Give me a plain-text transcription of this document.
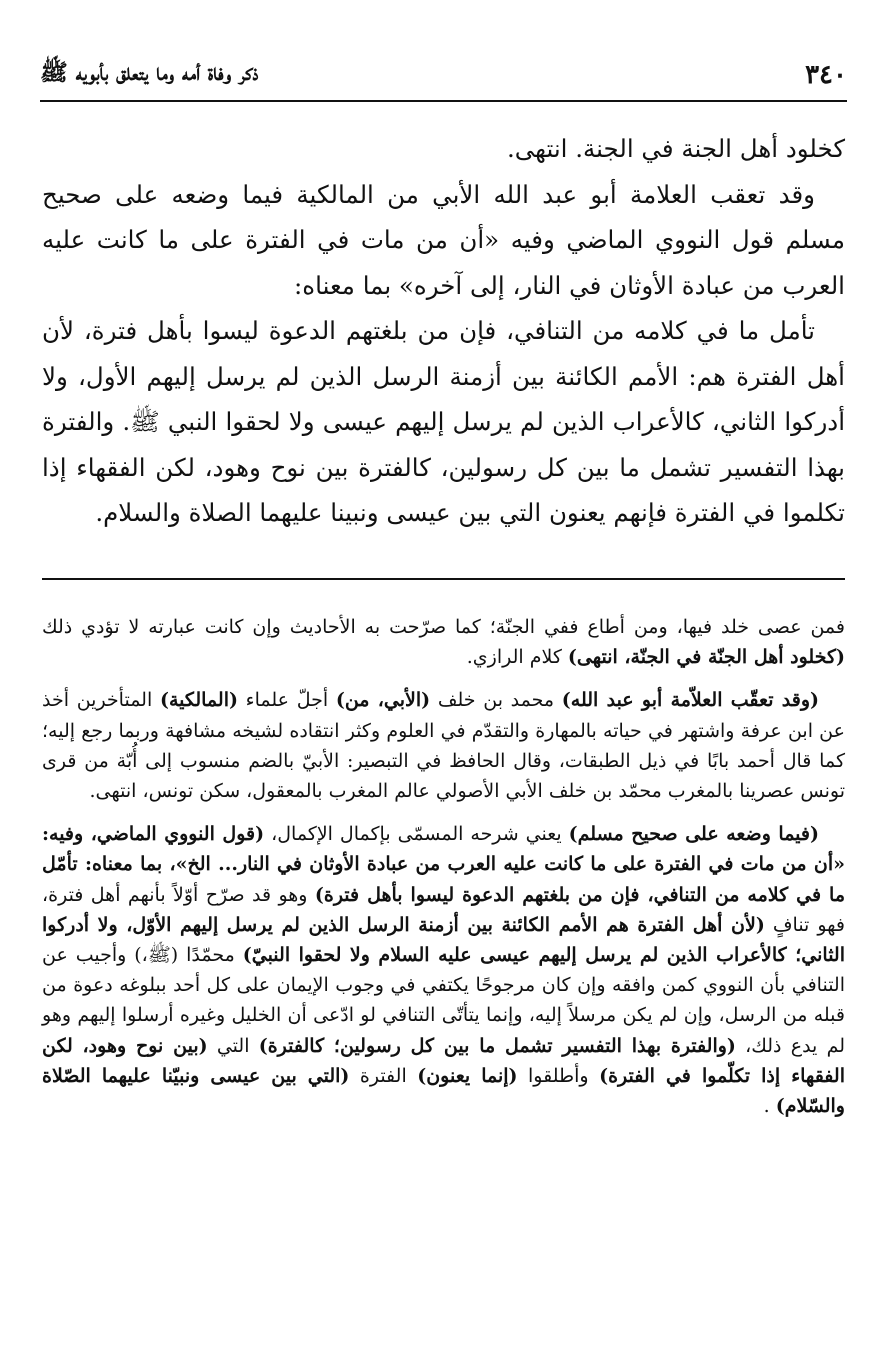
٣٤٠
ذكر وفاة أمه وما يتعلق بأبويه ﷺ

كخلود أهل الجنة في الجنة. انتهى.

وقد تعقب العلامة أبو عبد الله الأبي من المالكية فيما وضعه على صحيح مسلم قول النووي الماضي وفيه «أن من مات في الفترة على ما كانت عليه العرب من عبادة الأوثان في النار، إلى آخره» بما معناه:

تأمل ما في كلامه من التنافي، فإن من بلغتهم الدعوة ليسوا بأهل فترة، لأن أهل الفترة هم: الأمم الكائنة بين أزمنة الرسل الذين لم يرسل إليهم الأول، ولا أدركوا الثاني، كالأعراب الذين لم يرسل إليهم عيسى ولا لحقوا النبي ﷺ. والفترة بهذا التفسير تشمل ما بين كل رسولين، كالفترة بين نوح وهود، لكن الفقهاء إذا تكلموا في الفترة فإنهم يعنون التي بين عيسى ونبينا عليهما الصلاة والسلام.

فمن عصى خلد فيها، ومن أطاع ففي الجنّة؛ كما صرّحت به الأحاديث وإن كانت عبارته لا تؤدي ذلك (كخلود أهل الجنّة في الجنّة، انتهى) كلام الرازي.

(وقد تعقّب العلاّمة أبو عبد الله) محمد بن خلف (الأبي، من) أجلّ علماء (المالكية) المتأخرين أخذ عن ابن عرفة واشتهر في حياته بالمهارة والتقدّم في العلوم وكثر انتقاده لشيخه مشافهة وربما رجع إليه؛ كما قال أحمد بابًا في ذيل الطبقات، وقال الحافظ في التبصير: الأبيّ بالضم منسوب إلى أُبّة من قرى تونس عصرينا بالمغرب محمّد بن خلف الأبي الأصولي عالم المغرب بالمعقول، سكن تونس، انتهى.

(فيما وضعه على صحيح مسلم) يعني شرحه المسمّى بإكمال الإكمال، (قول النووي الماضي، وفيه: «أن من مات في الفترة على ما كانت عليه العرب من عبادة الأوثان في النار... الخ»، بما معناه: تأمّل ما في كلامه من التنافي، فإن من بلغتهم الدعوة ليسوا بأهل فترة) وهو قد صرّح أوّلاً بأنهم أهل فترة، فهو تنافٍ (لأن أهل الفترة هم الأمم الكائنة بين أزمنة الرسل الذين لم يرسل إليهم الأوّل، ولا أدركوا الثاني؛ كالأعراب الذين لم يرسل إليهم عيسى عليه السلام ولا لحقوا النبيّ) محمّدًا (ﷺ،) وأجيب عن التنافي بأن النووي كمن وافقه وإن كان مرجوحًا يكتفي في وجوب الإيمان على كل أحد ببلوغه دعوة من قبله من الرسل، وإن لم يكن مرسلاً إليه، وإنما يتأتّى التنافي لو ادّعى أن الخليل وغيره أرسلوا إليهم وهو لم يدع ذلك، (والفترة بهذا التفسير تشمل ما بين كل رسولين؛ كالفترة) التي (بين نوح وهود، لكن الفقهاء إذا تكلّموا في الفترة) وأطلقوا (إنما يعنون) الفترة (التي بين عيسى ونبيّنا عليهما الصّلاة والسّلام) .
